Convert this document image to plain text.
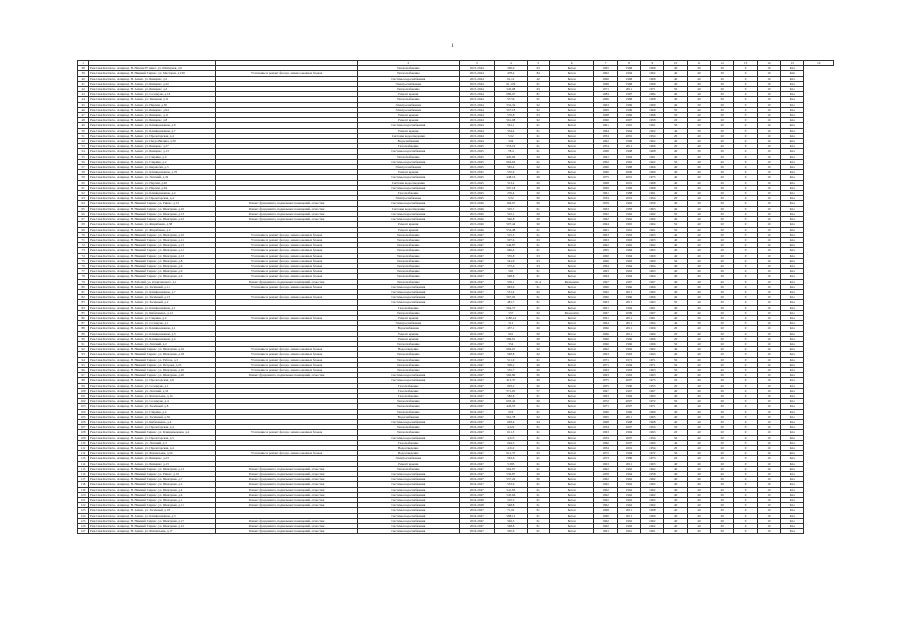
1
1			2	3	4	5	6	7	8	9	10	11	12	13	14	15	16
38	Реж.Сиж.Кастисм.. Алирнод. Н. Невгем Н 1инес. ул. Шевчунев, д.9		Теплоснабжение	2015-2044	560,0	63	Бетон	1965	1968	1968	40	30	20	0	10	К1а	
39	Реж.Сиж.Кастисм.. Алирнод. Н. Нижний Г.ирнас. ул. Мастарев, д.199	Утепление и ремонт фасада, замена оконных блоков	Теплоснабжение	2015-2044	478,4	84	Бетон	1992	1994	1962	40	40	30	0	10	К2а	
40	Реж.Сиж.Кастисм.. Алирнод. Н. Алнис. ул. Бимцемс, д.2		Системы водоснабжения	2015-2044	61,12	42	Бетон	1960	1968	1968	40	40	20	0	10	К1а	
41	Реж.Сиж.Кастисм.. Алирнод. Н. Алнис. ул. Бимцемс, д.22		Электроснабжение	2015-2044	61,129	61	Бетон	1968	1968	1968	40	40	20	0	10	К1а	
42	Реж.Сиж.Кастисм.. Алирнод. Н. Алнис. ул. Бимцемс, д.2		Теплоснабжение	2015-2044	545,08	63	Бетон	1971	2011	1971	50	40	20	0	10	К1а	
43	Реж.Сиж.Кастисм.. Алирнод. Н. Алнис. ул. Соломуне, д.16		Ремонт крыши	2015-2044	686,07	81	Бетон	1984	1997	1984	40	40	20	0	10	К1а	
44	Реж.Сиж.Кастисм.. Алирнод. Н. Алнис. ул. Тихмови, д.11		Теплоснабжение	2015-2044	57,56	61	Бетон	1966	1968	1968	40	40	20	0	10	К1а	
45	Реж.Сиж.Кастисм.. Алирнод. Н. Алнис. ул. Наргим, д.50		Электроснабжение	2015-2044	552,34	62	Бетон	1963	1969	1969	40	30	20	0	10	К1а	
46	Реж.Сиж.Кастисм.. Алирнод. Н. Алнис. ул. Бимцемс, д.94		Электроснабжение	2015-2044	567,18	62	Бетон	1969	1969	1969	50	40	20	0	10	К1а	
47	Реж.Сиж.Кастисм.. Алирнод. Н. Алнис. ул. Бимцемс, д.11		Ремонт крыши	2015-2044	570,8	63	Бетон	1968	1969	1968	50	40	20	0	10	К1а	
48	Реж.Сиж.Кастисм.. Алирнод. Н. Алнис. ул. Бимцемс, д.8		Ремонт крыши	2015-2044	561,08	62	Бетон	1960	2007	1958	20	40	20	0	10	К1а	
49	Реж.Сиж.Кастисм.. Алирнод. Н. Алнис. ул. Клинцемежная, д.9		Системы водоснабжения	2015-2044	561,1	61	Бетон	1961	1961	1961	50	30	20	0	10	К1а	
50	Реж.Сиж.Кастисм.. Алирнод. Н. Алнис. ул. Клинцемежная, д.7		Ремонт крыши	2015-2044	554,4	61	Бетон	1964	1964	1962	40	30	20	0	10	К1а	
51	Реж.Сиж.Кастисм.. Алирнод. Н. Алнис. ул. Пролетарская, д.4		Системы водоотведения	2015-2044	5,52	61	Бетон	1934	2001	1954	20	40	20	0	10	К1а	
52	Реж.Сиж.Кастисм.. Алирнод. Н. Алнис. ул. Петра Вилина, д.50		Водоснабжение	2015-2044	504	61	Бетон	1962	1969	1962	40	40	20	0	10	К1а	
53	Реж.Сиж.Кастисм.. Алирнод. Н. Алнис. ул. Бимцемс, д.27		Газоснабжение	2015-2045	553,19	61	Бетон	1954	2011	1966	20	40	20	0	10	К1а	
54	Реж.Сиж.Кастисм.. Алирнод. Н. Алнис. ул. Бимцемс, д.13		Системы водоснабжения	2015-2045	78,4	61	Бетон	1968	1968	1968	40	30	20	0	10	К1а	
55	Реж.Сиж.Кастисм.. Алирнод. Н. Алнис. ул. Гаврима, д.2		Теплоснабжение	2015-2045	420,96	62	Бетон	1961	1994	1961	40	40	20	0	10	К1а	
56	Реж.Сиж.Кастисм.. Алирнод. Н. Алнис. ул. Гаврима, д.2		Системы водоснабжения	2015-2045	664,62	61	Бетон	1962	1962	1962	50	40	20	0	10	К1а	
57	Реж.Сиж.Кастисм.. Алирнод. Н. Алнис. ул. Кирносия, д.3		Электроснабжение	2015-2045	565,4	62	Бетон	1966	1968	1966	40	40	20	0	10	К1а	
58	Реж.Сиж.Кастисм.. Алирнод. Н. Алнис. ул. Клинцемежная, д.76		Ремонт крыши	2015-2045	555,6	61	Бетон	1966	2006	1966	40	40	20	0	10	К1а	
59	Реж.Сиж.Кастисм.. Алирнод. Н. Алнис. ул. Лепский, д.32		Системы водоснабжения	2015-2045	448,16	60	Бетон	1975	2001	1975	40	40	20	0	10	К1а	
60	Реж.Сиж.Кастисм.. Алирнод. Н. Алнис. ул. Наргим, д.40		Системы водоотведения	2015-2045	513,2	62	Бетон	1968	2001	1968	40	40	20	0	10	К1а	
61	Реж.Сиж.Кастисм.. Алирнод. Н. Алнис. ул. Наргим, д.94		Системы водоснабжения	2015-2045	567,18	60	Бетон	1969	1969	1968	50	40	20	0	10	К1а	
62	Реж.Сиж.Кастисм.. Алирнод. Н. Алнис. ул. Клинцемежная, д.4		Газоснабжение	2015-2045	276,4	60	Бетон	1961	1988	1961	40	40	20	0	10	К1а	
63	Реж.Сиж.Кастисм.. Алирнод. Н. Алнис. ул. Пролетарская, д.4		Электроснабжение	2015-2045	5,52	60	Бетон	1934	2001	1954	20	40	20	0	10	К1а	
64	Реж.Сиж.Кастисм.. Алирнод. Н. Нижний Г.ирнас. ул. Ришес, д.12	Ремонт фундамента, подвальных помещений, отмостки	Системы водоснабжения	2015-2046	166,07	60	Бетон	1959	1962	1959	40	30	20	0	10	К1а	
65	Реж.Сиж.Кастисм.. Алирнод. Н. Нижний Г.ирнас. ул. Шевчунев, д.10	Ремонт фундамента, подвальных помещений, отмостки	Системы водоотведения	2015-2046	525,7	61	Бетон	1963	1983	1963	40	40	20	0	10	К1а	
66	Реж.Сиж.Кастисм.. Алирнод. Н. Нижний Г.ирнас. ул. Шевчунев, д.13	Ремонт фундамента, подвальных помещений, отмостки	Системы водоснабжения	2015-2046	516,1	60	Бетон	1962	1962	1962	50	40	20	0	10	К1а	
67	Реж.Сиж.Кастисм.. Алирнод. Н. Нижний Г.ирнас. ул. Шевчунев, д.22	Ремонт фундамента, подвальных помещений, отмостки	Системы водоснабжения	2015-2046	546,8	60	Бетон	1962	1962	1962	40	40	20	0	10	К1а	
68	Реж.Сиж.Кастисм.. Алирнод. Н. Алнис. ул. Жирибиева, д.38		Ремонт крыши	2015-2046	507,44	60	Бетон	1964	1965	1964	50	40	20	0	10	К1а	
69	Реж.Сиж.Кастисм.. Алирнод. Н. Алнис. ул. Жирибиева, д.2		Ремонт крыши	2015-2046	554,48	61	Бетон	1961	1961	1961	50	40	20	0	10	К1а	
70	Реж.Сиж.Кастисм.. Алирнод. Н. Нижний Г.ирнас. ул. Шевчунев, д.10	Утепление и ремонт фасада, замена оконных блоков	Теплоснабжение	2016-2047	515,3	61	Бетон	1963	1963	1963	40	40	20	0	10	К1а	
71	Реж.Сиж.Кастисм.. Алирнод. Н. Нижний Г.ирнас. ул. Шевчунев, д.11	Утепление и ремонт фасада, замена оконных блоков	Теплоснабжение	2016-2047	507,6	63	Бетон	1963	1963	1963	40	40	20	0	10	К1а	
72	Реж.Сиж.Кастисм.. Алирнод. Н. Нижний Г.ирнас. ул. Шевчунев, д.13	Утепление и ремонт фасада, замена оконных блоков	Теплоснабжение	2016-2047	546,87	61	Бетон	1962	1962	1962	40	40	20	0	10	К1а	
73	Реж.Сиж.Кастисм.. Алирнод. Н. Нижний Г.ирнас. ул. Шевчунев, д.11	Утепление и ремонт фасада, замена оконных блоков	Теплоснабжение	2016-2047	946,4	61	Бетон	1965	1984	1965	40	40	20	0	10	К1а	
74	Реж.Сиж.Кастисм.. Алирнод. Н. Нижний Г.ирнас. ул. Шевчунев, д.13	Утепление и ремонт фасада, замена оконных блоков	Теплоснабжение	2016-2047	555,8	63	Бетон	1960	1994	1960	40	40	20	0	10	К1а	
75	Реж.Сиж.Кастисм.. Алирнод. Н. Нижний Г.ирнас. ул. Шевчунев, д.8	Утепление и ремонт фасада, замена оконных блоков	Теплоснабжение	2016-2047	541,9	63	Бетон	1960	1963	1960	50	40	20	0	10	К1а	
76	Реж.Сиж.Кастисм.. Алирнод. Н. Нижний Г.ирнас. ул. Шевчунев, д.6	Утепление и ремонт фасада, замена оконных блоков	Теплоснабжение	2016-2047	575,6	63	Бетон	1964	1964	1964	40	40	20	0	10	К1а	
77	Реж.Сиж.Кастисм.. Алирнод. Н. Нижний Г.ирнас. ул. Шевчунев, д.9	Утепление и ремонт фасада, замена оконных блоков	Теплоснабжение	2016-2047	565	61	Бетон	1963	1963	1963	40	40	20	0	10	К1а	
78	Реж.Сиж.Кастисм.. Алирнод. Н. Нижний Г.ирнас. ул. Шевчунев, д.9	Утепление и ремонт фасада, замена оконных блоков	Теплоснабжение	2016-2047	548,8	61	Бетон	1964	1964	1964	40	40	20	0	10	К1а	
79	Реж.Сиж.Кастисм.. Алирнод. Н. Рабочий, ул. Олдичевского, д.1	Ремонт фундамента, подвальных помещений, отмостки	Теплоснабжение	2016-2047	536,1	61,4	Монолитн	1967	1967	1967	40	40	20	0	10	К1а	
80	Реж.Сиж.Кастисм.. Алирнод. Н. Алнис. ул. Засичный, д.11	Утепление и ремонт фасада, замена оконных блоков	Системы водоснабжения	2016-2047	963,9	61	Бетон	1966	1966	1966	40	40	20	0	10	К1а	
81	Реж.Сиж.Кастисм.. Алирнод. Н. Алнис. ул. Клинцемежная, д.7		Системы водоснабжения	2016-2047	551,4	62	Бетон	1962	2011	1962	40	40	20	0	10	К1а	
82	Реж.Сиж.Кастисм.. Алирнод. Н. Алнис. ул. Засичный, д.13	Утепление и ремонт фасада, замена оконных блоков	Системы водоснабжения	2016-2047	567,02	61	Бетон	1966	1966	1966	40	40	20	0	10	К1а	
83	Реж.Сиж.Кастисм.. Алирнод. Н. Алнис. ул. Засичный, д.2		Системы водоснабжения	2016-2047	481,7	61	Бетон	1963	2011	1963	50	40	20	0	10	К1а	
84	Реж.Сиж.Кастисм.. Алирнод. Н. Алнис. ул. Клинцемежная, д.1		Газоснабжение	2016-2047	564,57	61	Бетон	1961	1994	1961	40	40	20	0	10	К1а	
85	Реж.Сиж.Кастисм.. Алирнод. Н. Алнис. ул. Кибиэмевсь, д.12		Теплоснабжение	2016-2047	557	62	Монолитн	1967	2009	1967	40	40	20	0	10	К1а	
86	Реж.Сиж.Кастисм.. Алирнод. Н. Алнис. ул. Гаврима, д.2	Утепление и ремонт фасада, замена оконных блоков	Ремонт крыши	2016-2047	1180,14	61	Бетон	1961	2011	1961	40	30	20	0	10	К1а	
87	Реж.Сиж.Кастисм.. Алирнод. Н. Алнис. ул. Соломуне, д.1		Электроснабжение	2016-2047	512	61	Бетон	1964	2011	1964	40	30	20	0	10	К1а	
88	Реж.Сиж.Кастисм.. Алирнод. Н. Алнис. ул. Клинцемежная, д.1		Водоснабжение	2016-2047	457,1	60	Бетон	1966	2011	1966	20	40	20	0	10	К1а	
89	Реж.Сиж.Кастисм.. Алирнод. Н. Алнис. ул. Клинцемежная, д.3		Ремонт крыши	2016-2047	601	60	Бетон	1966	2011	1966	20	40	20	0	10	К1а	
90	Реж.Сиж.Кастисм.. Алирнод. Н. Алнис. ул. Клинцемежная, д.4		Ремонт крыши	2016-2047	586,61	60	Бетон	1966	1966	1966	20	40	20	0	10	К1а	
91	Реж.Сиж.Кастисм.. Алирнод. Н. Алнис. ул. Лепский, д.2		Теплоснабжение	2016-2047	554	60	Бетон	1966	1966	1966	50	40	20	0	10	К1а	
92	Реж.Сиж.Кастисм.. Алирнод. Н. Нижний Г.ирнас. ул. Шевчунев, д.16	Утепление и ремонт фасада, замена оконных блоков	Водоотведение	2016-2047	684,67	62	Бетон	1962	1962	1962	40	40	20	0	10	К1а	
93	Реж.Сиж.Кастисм.. Алирнод. Н. Нижний Г.ирнас. ул. Шевчунев, д.18	Утепление и ремонт фасада, замена оконных блоков	Теплоснабжение	2016-2047	548,8	62	Бетон	1963	1963	1963	40	40	20	0	10	К1а	
94	Реж.Сиж.Кастисм.. Алирнод. Н. Нижний Г.ирнас. ул. Рабоче, д.3	Утепление и ремонт фасада, замена оконных блоков	Теплоснабжение	2016-2047	511,9	61	Бетон	1971	1971	1971	50	40	20	0	10	К1а	
95	Реж.Сиж.Кастисм.. Алирнод. Н. Нижний Г.ирнас. ул. Петрова, д.23	Утепление и ремонт фасада, замена оконных блоков	Теплоснабжение	2016-2047	599,2	60	Бетон	1971	1994	1971	50	40	20	0	10	К1а	
96	Реж.Сиж.Кастисм.. Алирнод. Н. Нижний Г.ирнас. ул. Шевчунев, д.20	Утепление и ремонт фасада, замена оконных блоков	Теплоснабжение	2016-2047	555,7	60	Бетон	1963	1963	1963	50	40	20	0	10	К1а	
97	Реж.Сиж.Кастисм.. Алирнод. Н. Нижний Г.ирнас. ул. Шевчунев, д.20	Ремонт фундамента, подвальных помещений, отмостки	Системы водоснабжения	2016-2047	560,86	60	Бетон	1963	1963	1963	40	40	20	0	10	К1а	
98	Реж.Сиж.Кастисм.. Алирнод. Н. Алнис. ул. Пролетарская, д.8		Системы водоснабжения	2016-2047	413,37	60	Бетон	1975	2007	1975	50	40	20	0	10	К1а	
99	Реж.Сиж.Кастисм.. Алирнод. Н. Алнис. ул. Соломуне, д.1		Газоснабжение	2016-2047	603,2	60	Бетон	1955	1990	1955	20	40	20	0	10	К1а	
100	Реж.Сиж.Кастисм.. Алирнод. Н. Алнис. ул. Лепский, д.16		Газоснабжение	2016-2047	571,05	57	Бетон	1967	1967	1967	40	40	20	0	10	К1а	
101	Реж.Сиж.Кастисм.. Алирнод. Н. Алнис. ул. Фатмасьевь, д.14		Газоснабжение	2016-2047	582,8	61	Бетон	1963	1994	1963	40	40	20	0	10	К1а	
102	Реж.Сиж.Кастисм.. Алирнод. Н. Алнис. ул. Соломуне, д.4		Теплоснабжение	2016-2047	603,42	60	Бетон	1972	2007	1972	50	40	20	0	10	К1а	
103	Реж.Сиж.Кастисм.. Алирнод. Н. Алнис. ул. Засичный, д.8		Теплоснабжение	2016-2047	445,55	61	Бетон	1971	2007	1971	40	40	20	0	10	К1а	
104	Реж.Сиж.Кастисм.. Алирнод. Н. Алнис. ул. Гаврима, д.2		Теплоснабжение	2016-2047	619	61	Бетон	1966	1966	1966	40	40	20	0	10	К1а	
105	Реж.Сиж.Кастисм.. Алирнод. Н. Алнис. ул. Засичный, д.36		Водоснабжение	2016-2047	561,78	62	Бетон	1965	2011	1965	40	40	20	0	10	К1а	
106	Реж.Сиж.Кастисм.. Алирнод. Н. Алнис. ул. Кибиэмевсь, д.4		Системы водоснабжения	2016-2047	663,6	64	Бетон	1968	1968	1968	40	40	20	0	10	К1а	
107	Реж.Сиж.Кастисм.. Алирнод. Н. Алнис. ул. Пролетарская, д.4		Теплоснабжение	2016-2047	4,522	61	Бетон	1934	2007	1954	50	40	20	0	10	К1а	
108	Реж.Сиж.Кастисм.. Алирнод. Н. Нижний Г.ирнас. ул. Клинцемежная, д.4	Утепление и ремонт фасада, замена оконных блоков	Теплоснабжение	2016-2047	611,5	61	Бетон	1963	1994	1963	20	40	20	0	10	К1а	
109	Реж.Сиж.Кастисм.. Алирнод. Н. Алнис. ул. Пролетарская, д.5		Системы водоснабжения	2016-2047	4,513	61	Бетон	1934	2007	1954	50	40	20	0	10	К1а	
110	Реж.Сиж.Кастисм.. Алирнод. Н. Алнис. ул. Лепский, д.3		Газоснабжение	2016-2047	604,3	61	Бетон	1966	2007	1966	40	40	20	0	10	К1а	
111	Реж.Сиж.Кастисм.. Алирнод. Н. Алнис. ул. Пролетарская, д.4		Водоотведение	2016-2047	4,512	61	Бетон	1934	2001	1954	20	40	20	0	10	К1а	
112	Реж.Сиж.Кастисм.. Алирнод. Н. Алнис. ул. Фатмасьевь, д.54	Утепление и ремонт фасада, замена оконных блоков	Водоотведение	2016-2047	612,37	63	Бетон	1972	1994	1972	50	40	20	0	10	К1а	
113	Реж.Сиж.Кастисм.. Алирнод. Н. Алнис. ул. Бимцемс, д.23		Электроснабжение	2016-2047	563,6	61	Бетон	1973	1980	1973	20	40	20	0	10	К1а	
114	Реж.Сиж.Кастисм.. Алирнод. Н. Алнис. ул. Бимцемс, д.13		Ремонт крыши	2016-2047	5,583	61	Бетон	1963	2011	1963	40	40	20	0	10	К1а	
115	Реж.Сиж.Кастисм.. Алирнод. Н. Нижний Г.ирнас. ул. Шевчунев, д.13	Ремонт фундамента, подвальных помещений, отмостки	Теплоснабжение	2016-2047	562,67	61	Бетон	1962	1962	1962	40	40	20	0	10	К1а	
116	Реж.Сиж.Кастисм.. Алирнод. Н. Нижний Г.ирнас. ул. Ришес, д.16	Ремонт фундамента, подвальных помещений, отмостки	Системы водоснабжения	2016-2047	536,87	60	Бетон	1958	1994	1958	40	40	20	0	10	К1а	
117	Реж.Сиж.Кастисм.. Алирнод. Н. Нижний Г.ирнас. ул. Шевчунев, д.7	Ремонт фундамента, подвальных помещений, отмостки	Системы водоснабжения	2016-2047	557,26	60	Бетон	1962	1962	1962	40	40	20	0	10	К1а	
118	Реж.Сиж.Кастисм.. Алирнод. Н. Нижний Г.ирнас. ул. Шевчунев, д.2	Ремонт фундамента, подвальных помещений, отмостки	Системы водоснабжения	2016-2047	553,6	61	Бетон	1962	1962	1962	40	40	20	0	10	К1а	
119	Реж.Сиж.Кастисм.. Алирнод. Н. Нижний Г.ирнас. ул. Шевчунев, д.4	Ремонт фундамента, подвальных помещений, отмостки	Системы водоснабжения	2016-2047	541,83	61	Бетон	1962	1962	1962	40	40	20	0	10	К1а	
120	Реж.Сиж.Кастисм.. Алирнод. Н. Нижний Г.ирнас. ул. Шевчунев, д.4	Ремонт фундамента, подвальных помещений, отмостки	Системы водоснабжения	2016-2047	545,66	61	Бетон	1962	1962	1962	40	40	20	0	10	К1а	
121	Реж.Сиж.Кастисм.. Алирнод. Н. Нижний Г.ирнас. ул. Шевчунев, д.1	Ремонт фундамента, подвальных помещений, отмостки	Системы водоснабжения	2016-2048	510,3	61	Бетон	1962	1962	1962	40	40	20	0	10	К1а	
122	Реж.Сиж.Кастисм.. Алирнод. Н. Нижний Г.ирнас. ул. Шевчунев, д.11	Ремонт фундамента, подвальных помещений, отмостки	Системы водоснабжения	2016-2048	548,8	61	Бетон	1962	1962	1962	40	40	20	0	10	К1а	
123	Реж.Сиж.Кастисм.. Алирнод. Н. Алнис. ул. Засичный, д.18		Системы водоснабжения	2016-2047	71,02	61	Бетон	1968	2011	1968	40	40	20	0	10	К1а	
124	Реж.Сиж.Кастисм.. Алирнод. Н. Алнис. ул. Клинцемежная, д.3		Системы водоснабжения	2016-2047	588,12	61	Бетон	1966	2011	1966	40	40	20	0	10	К1а	
125	Реж.Сиж.Кастисм.. Алирнод. Н. Нижний Г.ирнас. ул. Шевчунев, д.17	Ремонт фундамента, подвальных помещений, отмостки	Системы водоснабжения	2016-2047	562,3	61	Бетон	1962	1962	1962	40	40	20	0	10	К1а	
126	Реж.Сиж.Кастисм.. Алирнод. Н. Нижний Г.ирнас. ул. Шевчунев, д.15	Ремонт фундамента, подвальных помещений, отмостки	Системы водоснабжения	2016-2047	548,8	61	Бетон	1962	1962	1962	40	40	20	0	10	К1а	
127	Реж.Сиж.Кастисм.. Алирнод. Н. Алнис. ул. Фатмасьевь, д.17	Ремонт фундамента, подвальных помещений, отмостки	Системы водоснабжения	2016-2047	565,6	61	Бетон	1961	1961	1961	40	40	20	0	10	К1а	
